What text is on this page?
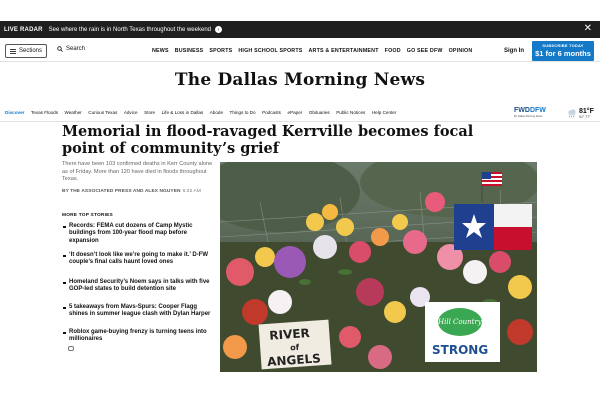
LIVE RADAR See where the rain is in North Texas throughout the weekend	›	✕
Sections	Search	NEWS BUSINESS SPORTS HIGH SCHOOL SPORTS ARTS & ENTERTAINMENT FOOD GO SEE DFW OPINION	Sign In
SUBSCRIBE TODAY
$1 for 6 months
The Dallas Morning News
Discover Texas Floods Weather Curious Texas Advice Store Life & Loss in Dallas Abode Things to Do Podcasts ePaper Obituaries Public Notices Help Center	FWDDFW
By Dallas Morning News
81°F
91° 77°
Memorial in flood-ravaged Kerrville becomes focal point of community’s grief

There have been 103 confirmed deaths in Kerr County alone as of Friday. More than 120 have died in floods throughout Texas.

BY THE ASSOCIATED PRESS AND ALEX NGUYEN 6:22 AM
MORE TOP STORIES
Records: FEMA cut dozens of Camp Mystic buildings from 100-year flood map before expansion
‘It doesn’t look like we’re going to make it.’ D-FW couple’s final calls haunt loved ones
Homeland Security’s Noem says in talks with five GOP-led states to build detention site
5 takeaways from Mavs-Spurs: Cooper Flagg shines in summer league clash with Dylan Harper
Roblox game-buying frenzy is turning teens into millionaires	RIVER
of
ANGELS
Hill Country
STRONG
